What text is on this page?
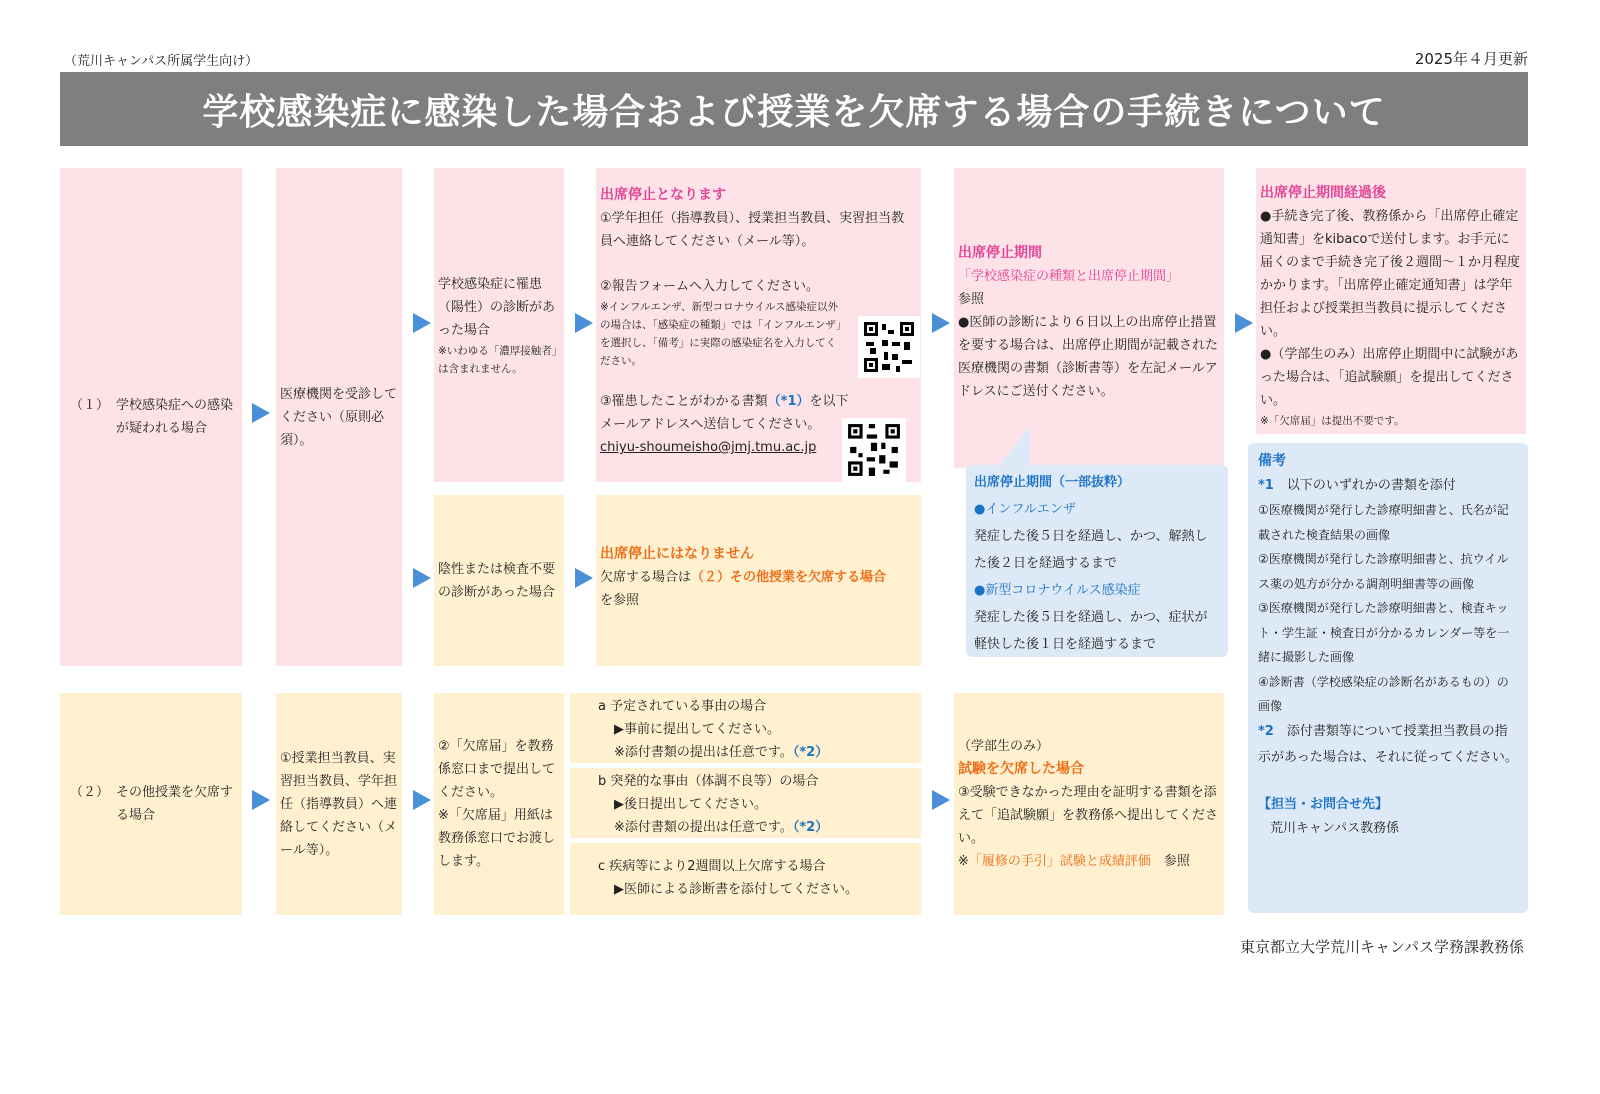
（荒川キャンパス所属学生向け）	2025年４月更新
学校感染症に感染した場合および授業を欠席する場合の手続きについて
（１） 学校感染症への感染が疑われる場合
医療機関を受診してください（原則必須）。
学校感染症に罹患（陽性）の診断があった場合
※いわゆる「濃厚接触者」は含まれません。
陰性または検査不要の診断があった場合
出席停止となります
①学年担任（指導教員）、授業担当教員、実習担当教員へ連絡してください（メール等）。
②報告フォームへ入力してください。
※インフルエンザ、新型コロナウイルス感染症以外の場合は、「感染症の種類」では「インフルエンザ」を選択し、「備考」に実際の感染症名を入力してください。
③罹患したことがわかる書類（*1）を以下メールアドレスへ送信してください。
chiyu-shoumeisho@jmj.tmu.ac.jp
出席停止にはなりません
欠席する場合は（２）その他授業を欠席する場合
を参照
出席停止期間
「学校感染症の種類と出席停止期間」
参照
●医師の診断により６日以上の出席停止措置を要する場合は、出席停止期間が記載された医療機関の書類（診断書等）を左記メールアドレスにご送付ください。
出席停止期間（一部抜粋）
●インフルエンザ
発症した後５日を経過し、かつ、解熱した後２日を経過するまで
●新型コロナウイルス感染症
発症した後５日を経過し、かつ、症状が軽快した後１日を経過するまで
出席停止期間経過後
●手続き完了後、教務係から「出席停止確定通知書」をkibacoで送付します。お手元に届くのまで手続き完了後２週間～１か月程度かかります。「出席停止確定通知書」は学年担任および授業担当教員に提示してください。
●（学部生のみ）出席停止期間中に試験があった場合は、「追試験願」を提出してください。
※「欠席届」は提出不要です。
備考
*1　以下のいずれかの書類を添付
①医療機関が発行した診療明細書と、氏名が記載された検査結果の画像
②医療機関が発行した診療明細書と、抗ウイルス薬の処方が分かる調剤明細書等の画像
③医療機関が発行した診療明細書と、検査キット・学生証・検査日が分かるカレンダー等を一緒に撮影した画像
④診断書（学校感染症の診断名があるもの）の画像
*2　添付書類等について授業担当教員の指示があった場合は、それに従ってください。
【担当・お問合せ先】
荒川キャンパス教務係
（２） その他授業を欠席する場合
①授業担当教員、実習担当教員、学年担任（指導教員）へ連絡してください（メール等）。
②「欠席届」を教務係窓口まで提出してください。
※「欠席届」用紙は教務係窓口でお渡しします。
a 予定されている事由の場合
▶事前に提出してください。
※添付書類の提出は任意です。（*2）
b 突発的な事由（体調不良等）の場合
▶後日提出してください。
※添付書類の提出は任意です。（*2）
c 疾病等により2週間以上欠席する場合
▶医師による診断書を添付してください。
（学部生のみ）
試験を欠席した場合
③受験できなかった理由を証明する書類を添えて「追試験願」を教務係へ提出してください。
※「履修の手引」試験と成績評価　参照
東京都立大学荒川キャンパス学務課教務係
